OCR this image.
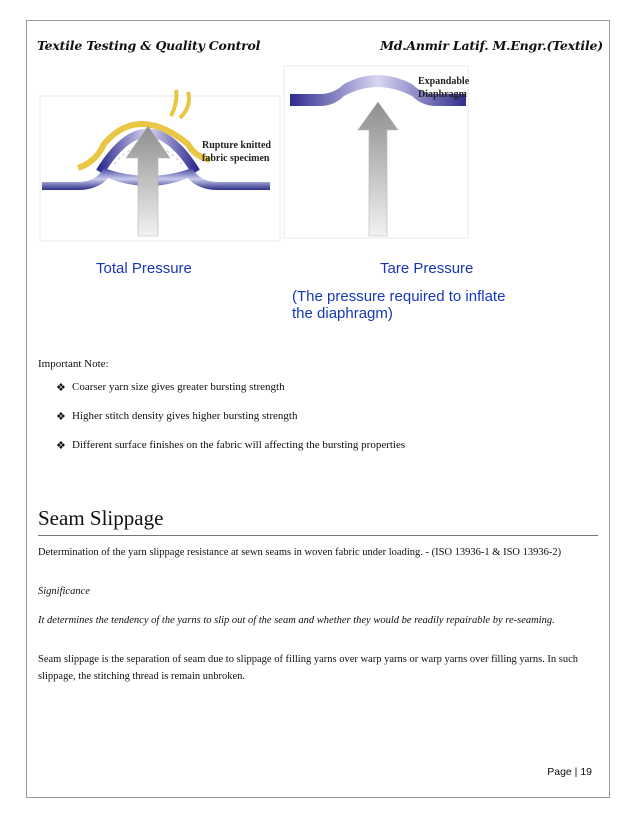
Textile Testing & Quality Control	Md.Anmir Latif. M.Engr.(Textile)
Rupture knitted
fabric specimen
Expandable
Diaphragm
Total Pressure	Tare Pressure
(The pressure required to inflate
the diaphragm)
Important Note:
❖ Coarser yarn size gives greater bursting strength
❖ Higher stitch density gives higher bursting strength
❖ Different surface finishes on the fabric will affecting the bursting properties
Seam Slippage
Determination of the yarn slippage resistance at sewn seams in woven fabric under loading. - (ISO 13936-1 & ISO 13936-2)
Significance
It determines the tendency of the yarns to slip out of the seam and whether they would be readily repairable by re-seaming.
Seam slippage is the separation of seam due to slippage of filling yarns over warp yarns or warp yarns over filling yarns. In such slippage, the stitching thread is remain unbroken.
Page | 19
